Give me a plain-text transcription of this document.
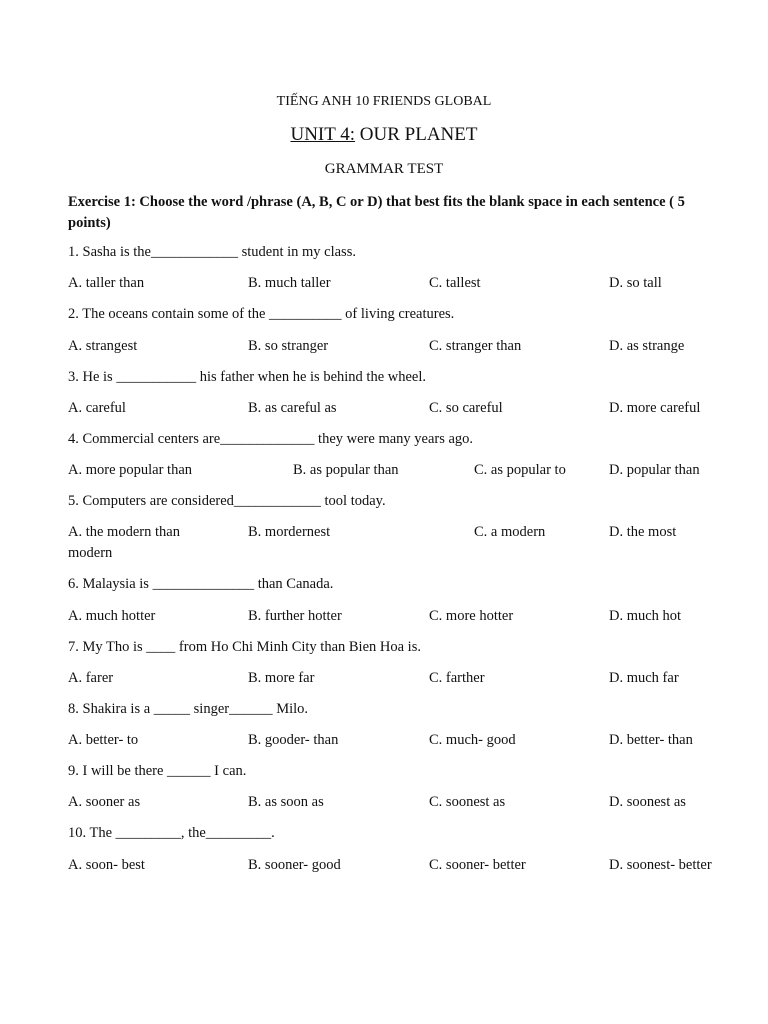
TIẾNG ANH 10 FRIENDS GLOBAL
UNIT 4: OUR PLANET
GRAMMAR TEST
Exercise 1: Choose the word /phrase (A, B, C or D) that best fits the blank space in each sentence ( 5 points)
1. Sasha is the____________ student in my class.
A. taller than	B. much taller	C. tallest	D. so tall
2. The oceans contain some of the __________ of living creatures.
A. strangest	B. so stranger	C. stranger than	D. as strange
3. He is ___________ his father when he is behind the wheel.
A. careful	B. as careful as	C. so careful	D. more careful
4. Commercial centers are_____________ they were many years ago.
A. more popular than	B. as popular than	C. as popular to	D. popular than
5. Computers are considered____________ tool today.
A. the modern than	B. mordernest	C. a modern	D. the most
modern
6. Malaysia is ______________ than Canada.
A. much hotter	B. further hotter	C. more hotter	D. much hot
7. My Tho is ____ from Ho Chi Minh City than Bien Hoa is.
A. farer	B. more far	C. farther	D. much far
8. Shakira is a _____ singer______ Milo.
A. better- to	B. gooder- than	C. much- good	D. better- than
9. I will be there ______ I can.
A. sooner as	B. as soon as	C. soonest as	D. soonest as
10. The _________, the_________.
A. soon- best	B. sooner- good	C. sooner- better	D. soonest- better
